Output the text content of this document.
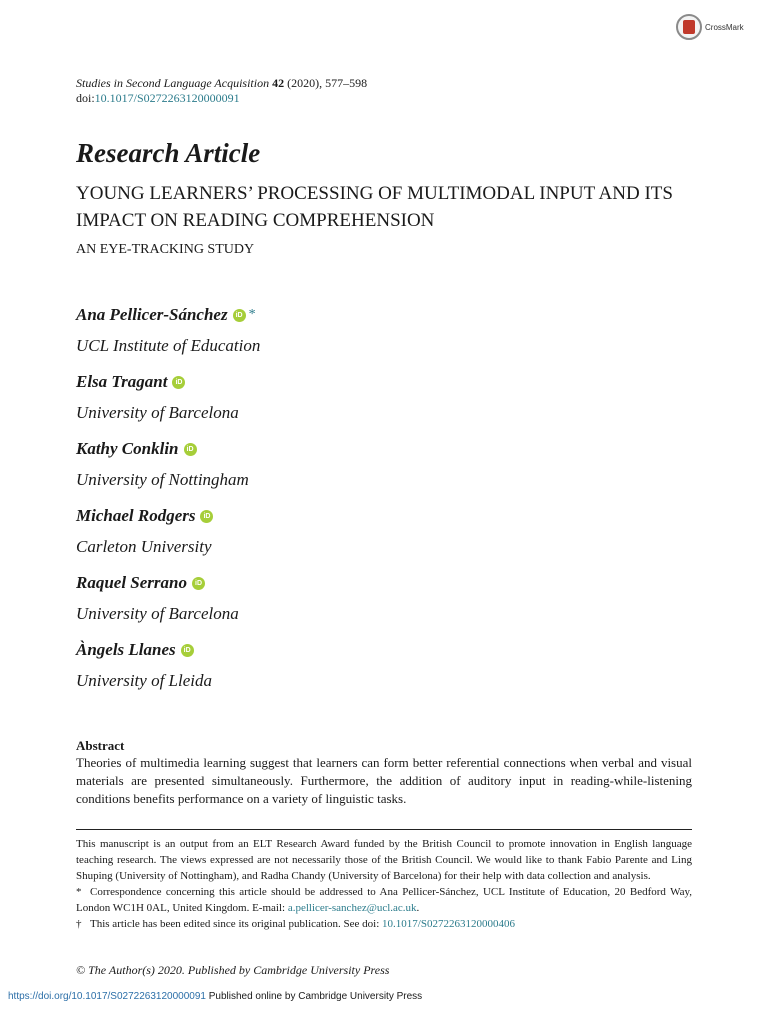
CrossMark
Studies in Second Language Acquisition 42 (2020), 577–598
doi:10.1017/S0272263120000091
Research Article
YOUNG LEARNERS’ PROCESSING OF MULTIMODAL INPUT AND ITS IMPACT ON READING COMPREHENSION
AN EYE-TRACKING STUDY
Ana Pellicer-Sánchez	iD *
UCL Institute of Education
Elsa Tragant	iD
University of Barcelona
Kathy Conklin	iD
University of Nottingham
Michael Rodgers	iD
Carleton University
Raquel Serrano	iD
University of Barcelona
Àngels Llanes	iD
University of Lleida
Abstract
Theories of multimedia learning suggest that learners can form better referential connections when verbal and visual materials are presented simultaneously. Furthermore, the addition of auditory input in reading-while-listening conditions benefits performance on a variety of linguistic tasks.

This manuscript is an output from an ELT Research Award funded by the British Council to promote innovation in English language teaching research. The views expressed are not necessarily those of the British Council. We would like to thank Fabio Parente and Ling Shuping (University of Nottingham), and Radha Chandy (University of Barcelona) for their help with data collection and analysis.

* Correspondence concerning this article should be addressed to Ana Pellicer-Sánchez, UCL Institute of Education, 20 Bedford Way, London WC1H 0AL, United Kingdom. E-mail: a.pellicer-sanchez@ucl.ac.uk.

† This article has been edited since its original publication. See doi: 10.1017/S0272263120000406

© The Author(s) 2020. Published by Cambridge University Press
https://doi.org/10.1017/S0272263120000091 Published online by Cambridge University Press
